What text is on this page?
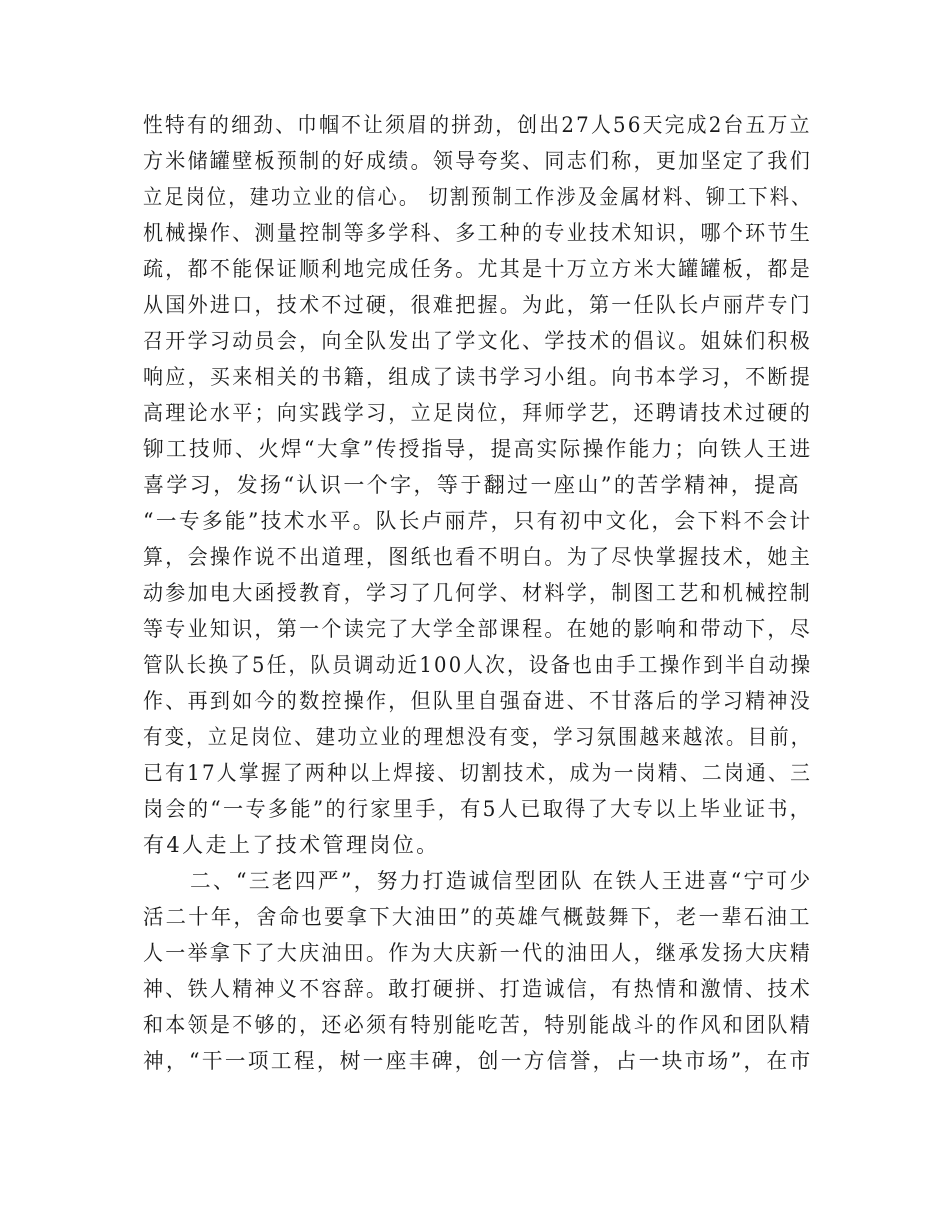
性特有的细劲、巾帼不让须眉的拼劲，创出27人56天完成2台五万立
方米储罐壁板预制的好成绩。领导夸奖、同志们称，更加坚定了我们
立足岗位，建功立业的信心。 切割预制工作涉及金属材料、铆工下料、
机械操作、测量控制等多学科、多工种的专业技术知识，哪个环节生
疏，都不能保证顺利地完成任务。尤其是十万立方米大罐罐板，都是
从国外进口，技术不过硬，很难把握。为此，第一任队长卢丽芹专门
召开学习动员会，向全队发出了学文化、学技术的倡议。姐妹们积极
响应，买来相关的书籍，组成了读书学习小组。向书本学习，不断提
高理论水平；向实践学习，立足岗位，拜师学艺，还聘请技术过硬的
铆工技师、火焊“大拿”传授指导，提高实际操作能力；向铁人王进
喜学习，发扬“认识一个字，等于翻过一座山”的苦学精神，提高
“一专多能”技术水平。队长卢丽芹，只有初中文化，会下料不会计
算，会操作说不出道理，图纸也看不明白。为了尽快掌握技术，她主
动参加电大函授教育，学习了几何学、材料学，制图工艺和机械控制
等专业知识，第一个读完了大学全部课程。在她的影响和带动下，尽
管队长换了5任，队员调动近100人次，设备也由手工操作到半自动操
作、再到如今的数控操作，但队里自强奋进、不甘落后的学习精神没
有变，立足岗位、建功立业的理想没有变，学习氛围越来越浓。目前，
已有17人掌握了两种以上焊接、切割技术，成为一岗精、二岗通、三
岗会的“一专多能”的行家里手，有5人已取得了大专以上毕业证书，
有4人走上了技术管理岗位。
二、“三老四严”，努力打造诚信型团队 在铁人王进喜“宁可少
活二十年，舍命也要拿下大油田”的英雄气概鼓舞下，老一辈石油工
人一举拿下了大庆油田。作为大庆新一代的油田人，继承发扬大庆精
神、铁人精神义不容辞。敢打硬拼、打造诚信，有热情和激情、技术
和本领是不够的，还必须有特别能吃苦，特别能战斗的作风和团队精
神，“干一项工程，树一座丰碑，创一方信誉，占一块市场”，在市
